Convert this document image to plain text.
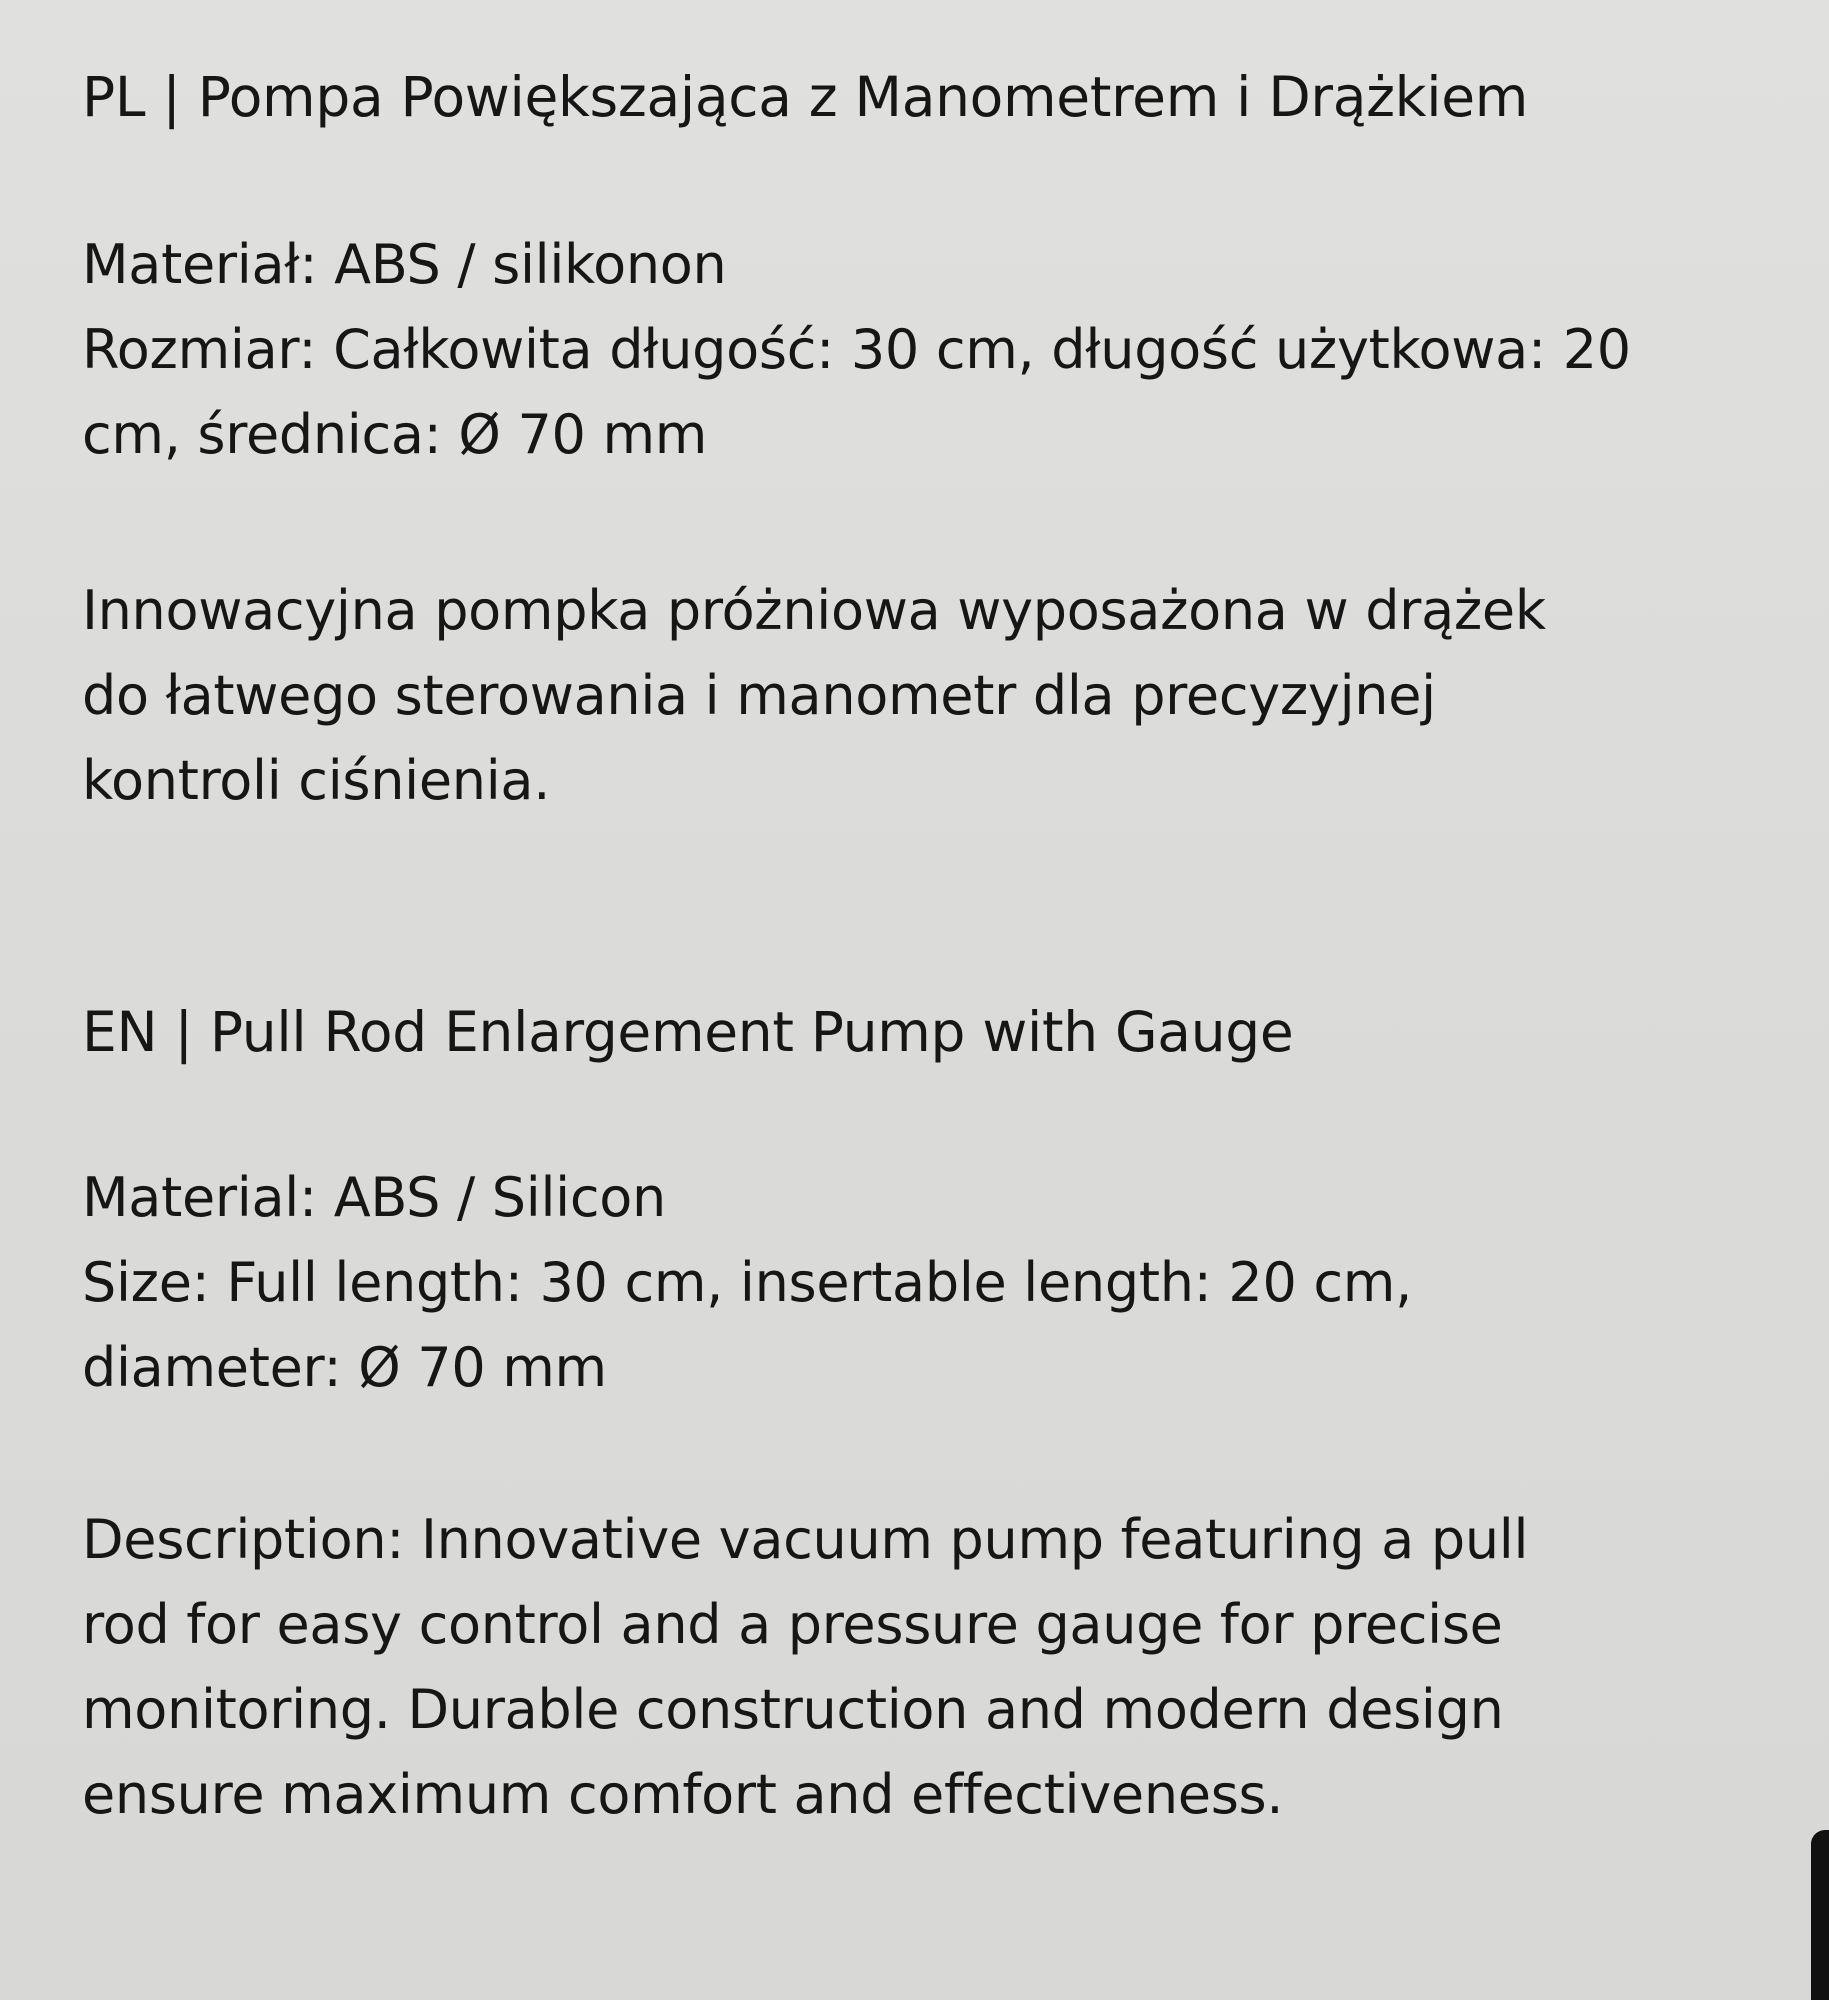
PL | Pompa Powiększająca z Manometrem i Drążkiem
Materiał: ABS / silikonon
Rozmiar: Całkowita długość: 30 cm, długość użytkowa: 20
cm, średnica: Ø 70 mm
Innowacyjna pompka próżniowa wyposażona w drążek
do łatwego sterowania i manometr dla precyzyjnej
kontroli ciśnienia.
EN | Pull Rod Enlargement Pump with Gauge
Material: ABS / Silicon
Size: Full length: 30 cm, insertable length: 20 cm,
diameter: Ø 70 mm
Description: Innovative vacuum pump featuring a pull
rod for easy control and a pressure gauge for precise
monitoring. Durable construction and modern design
ensure maximum comfort and effectiveness.
